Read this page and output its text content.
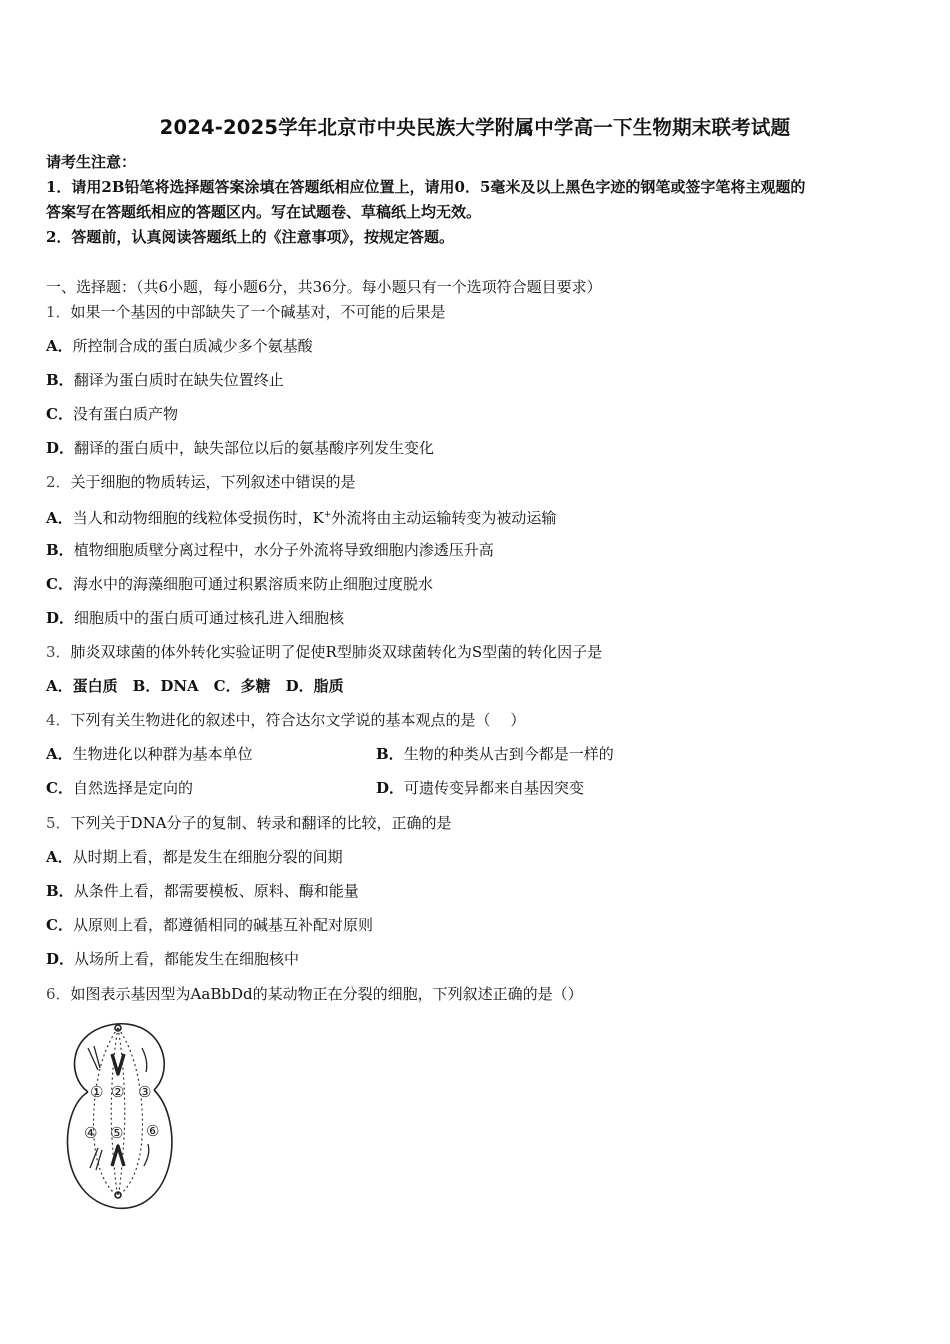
2024-2025学年北京市中央民族大学附属中学高一下生物期末联考试题
请考生注意：
1．请用2B铅笔将选择题答案涂填在答题纸相应位置上，请用0．5毫米及以上黑色字迹的钢笔或签字笔将主观题的
答案写在答题纸相应的答题区内。写在试题卷、草稿纸上均无效。
2．答题前，认真阅读答题纸上的《注意事项》，按规定答题。
一、选择题：（共6小题，每小题6分，共36分。每小题只有一个选项符合题目要求）
1．如果一个基因的中部缺失了一个碱基对，不可能的后果是
A．所控制合成的蛋白质减少多个氨基酸
B．翻译为蛋白质时在缺失位置终止
C．没有蛋白质产物
D．翻译的蛋白质中，缺失部位以后的氨基酸序列发生变化
2．关于细胞的物质转运，下列叙述中错误的是
A．当人和动物细胞的线粒体受损伤时，K+外流将由主动运输转变为被动运输
B．植物细胞质壁分离过程中，水分子外流将导致细胞内渗透压升高
C．海水中的海藻细胞可通过积累溶质来防止细胞过度脱水
D．细胞质中的蛋白质可通过核孔进入细胞核
3．肺炎双球菌的体外转化实验证明了促使R型肺炎双球菌转化为S型菌的转化因子是
A．蛋白质　B．DNA　C．多糖　D．脂质
4．下列有关生物进化的叙述中，符合达尔文学说的基本观点的是（　 ）
A．生物进化以种群为基本单位	B．生物的种类从古到今都是一样的
C．自然选择是定向的	D．可遗传变异都来自基因突变
5．下列关于DNA分子的复制、转录和翻译的比较，正确的是
A．从时期上看，都是发生在细胞分裂的间期
B．从条件上看，都需要模板、原料、酶和能量
C．从原则上看，都遵循相同的碱基互补配对原则
D．从场所上看，都能发生在细胞核中
6．如图表示基因型为AaBbDd的某动物正在分裂的细胞，下列叙述正确的是（）
① ② ③
④ ⑤ ⑥
